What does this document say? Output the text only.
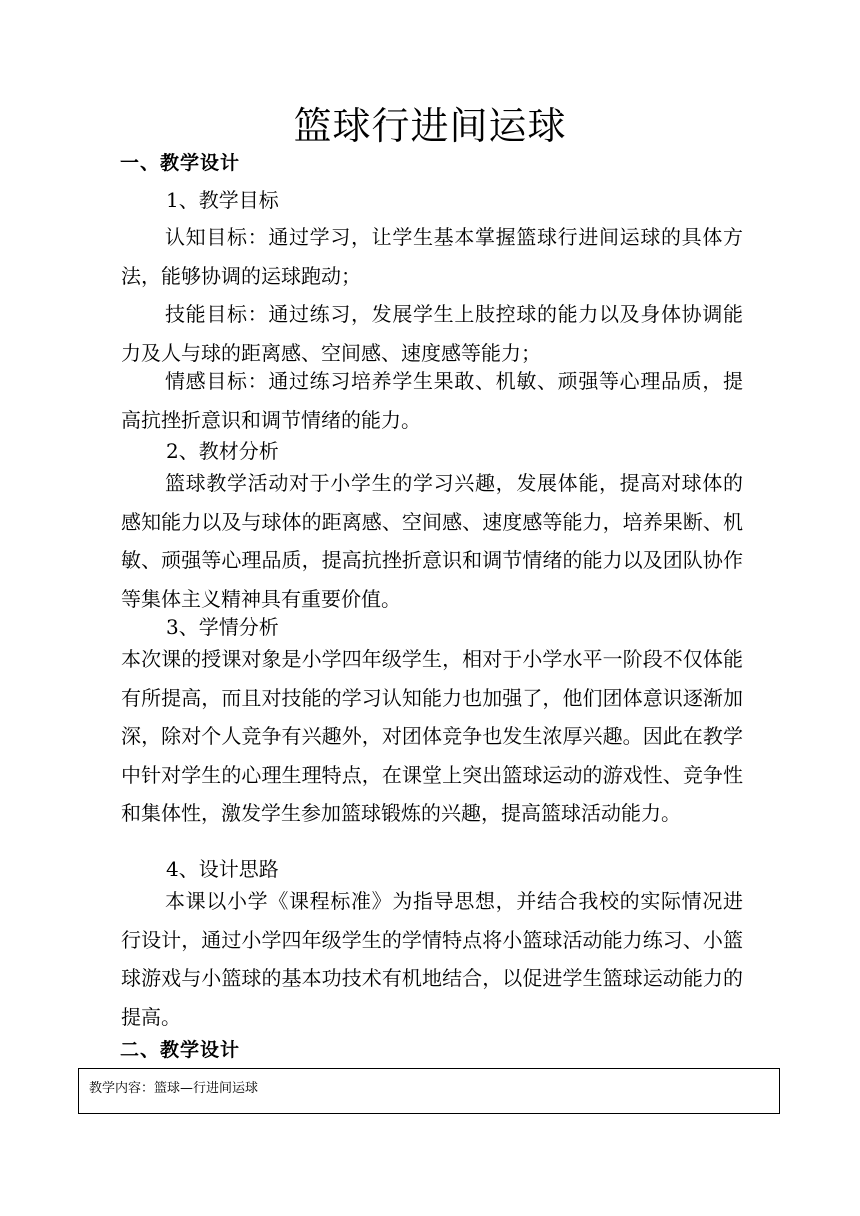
篮球行进间运球
一、教学设计
1、教学目标
认知目标：通过学习，让学生基本掌握篮球行进间运球的具体方法，能够协调的运球跑动；
技能目标：通过练习，发展学生上肢控球的能力以及身体协调能力及人与球的距离感、空间感、速度感等能力；
情感目标：通过练习培养学生果敢、机敏、顽强等心理品质，提高抗挫折意识和调节情绪的能力。
2、教材分析
篮球教学活动对于小学生的学习兴趣，发展体能，提高对球体的感知能力以及与球体的距离感、空间感、速度感等能力，培养果断、机敏、顽强等心理品质，提高抗挫折意识和调节情绪的能力以及团队协作等集体主义精神具有重要价值。
3、学情分析
本次课的授课对象是小学四年级学生，相对于小学水平一阶段不仅体能有所提高，而且对技能的学习认知能力也加强了，他们团体意识逐渐加深，除对个人竞争有兴趣外，对团体竞争也发生浓厚兴趣。因此在教学中针对学生的心理生理特点，在课堂上突出篮球运动的游戏性、竞争性和集体性，激发学生参加篮球锻炼的兴趣，提高篮球活动能力。
4、设计思路
本课以小学《课程标准》为指导思想，并结合我校的实际情况进行设计，通过小学四年级学生的学情特点将小篮球活动能力练习、小篮球游戏与小篮球的基本功技术有机地结合，以促进学生篮球运动能力的提高。
二、教学设计
教学内容：篮球—行进间运球
